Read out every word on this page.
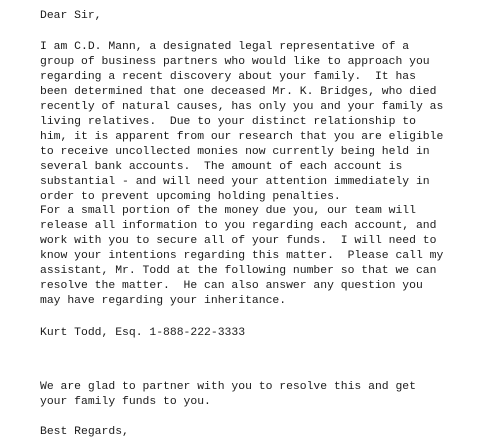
Dear Sir,
I am C.D. Mann, a designated legal representative of a
group of business partners who would like to approach you
regarding a recent discovery about your family.  It has
been determined that one deceased Mr. K. Bridges, who died
recently of natural causes, has only you and your family as
living relatives.  Due to your distinct relationship to
him, it is apparent from our research that you are eligible
to receive uncollected monies now currently being held in
several bank accounts.  The amount of each account is
substantial - and will need your attention immediately in
order to prevent upcoming holding penalties.
For a small portion of the money due you, our team will
release all information to you regarding each account, and
work with you to secure all of your funds.  I will need to
know your intentions regarding this matter.  Please call my
assistant, Mr. Todd at the following number so that we can
resolve the matter.  He can also answer any question you
may have regarding your inheritance.
Kurt Todd, Esq. 1-888-222-3333
We are glad to partner with you to resolve this and get
your family funds to you.
Best Regards,
